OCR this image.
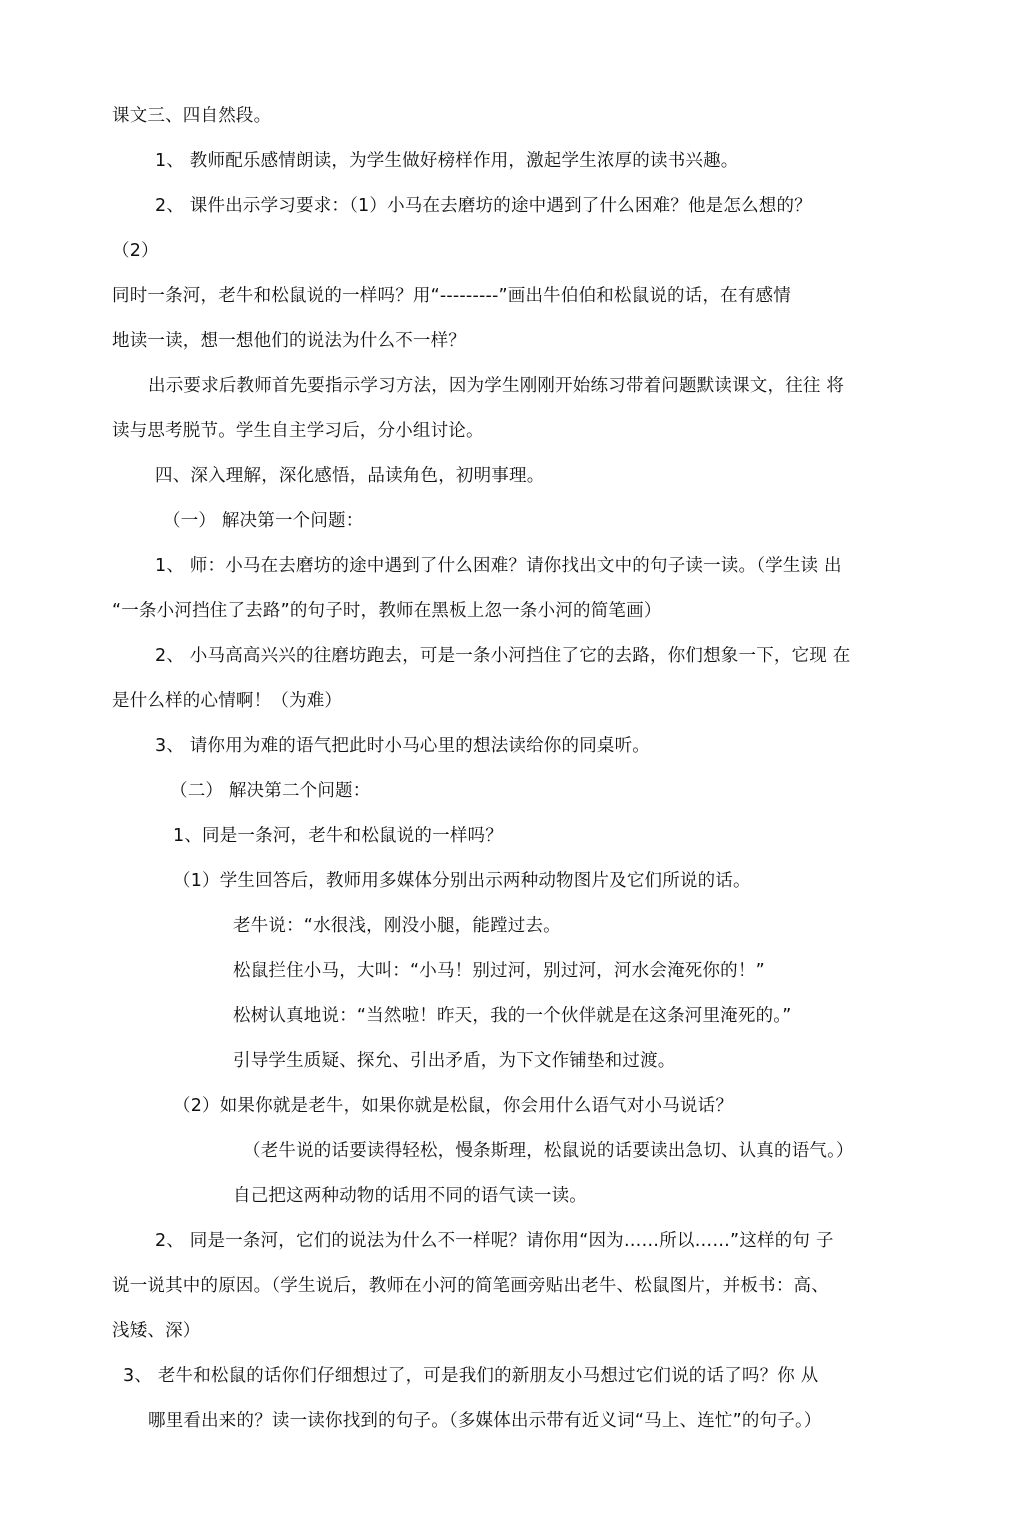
课文三、四自然段。
1、 教师配乐感情朗读，为学生做好榜样作用，激起学生浓厚的读书兴趣。
2、 课件出示学习要求：（1）小马在去磨坊的途中遇到了什么困难？他是怎么想的？
（2）
同时一条河，老牛和松鼠说的一样吗？用“---------”画出牛伯伯和松鼠说的话，在有感情
地读一读，想一想他们的说法为什么不一样？
出示要求后教师首先要指示学习方法，因为学生刚刚开始练习带着问题默读课文，往往 将
读与思考脱节。学生自主学习后，分小组讨论。
四、深入理解，深化感悟，品读角色，初明事理。
（一） 解决第一个问题：
1、 师：小马在去磨坊的途中遇到了什么困难？请你找出文中的句子读一读。（学生读 出
“一条小河挡住了去路”的句子时，教师在黑板上忽一条小河的简笔画）
2、 小马高高兴兴的往磨坊跑去，可是一条小河挡住了它的去路，你们想象一下，它现 在
是什么样的心情啊！（为难）
3、 请你用为难的语气把此时小马心里的想法读给你的同桌听。
（二） 解决第二个问题：
1、同是一条河，老牛和松鼠说的一样吗？
（1）学生回答后，教师用多媒体分别出示两种动物图片及它们所说的话。
老牛说：“水很浅，刚没小腿，能蹚过去。
松鼠拦住小马，大叫：“小马！别过河，别过河，河水会淹死你的！”
松树认真地说：“当然啦！昨天，我的一个伙伴就是在这条河里淹死的。”
引导学生质疑、探允、引出矛盾，为下文作铺垫和过渡。
（2）如果你就是老牛，如果你就是松鼠，你会用什么语气对小马说话？
（老牛说的话要读得轻松，慢条斯理，松鼠说的话要读出急切、认真的语气。）
自己把这两种动物的话用不同的语气读一读。
2、 同是一条河，它们的说法为什么不一样呢？请你用“因为……所以……”这样的句 子
说一说其中的原因。（学生说后，教师在小河的简笔画旁贴出老牛、松鼠图片，并板书：高、
浅矮、深）
3、 老牛和松鼠的话你们仔细想过了，可是我们的新朋友小马想过它们说的话了吗？你 从
哪里看出来的？读一读你找到的句子。（多媒体出示带有近义词“马上、连忙”的句子。）
